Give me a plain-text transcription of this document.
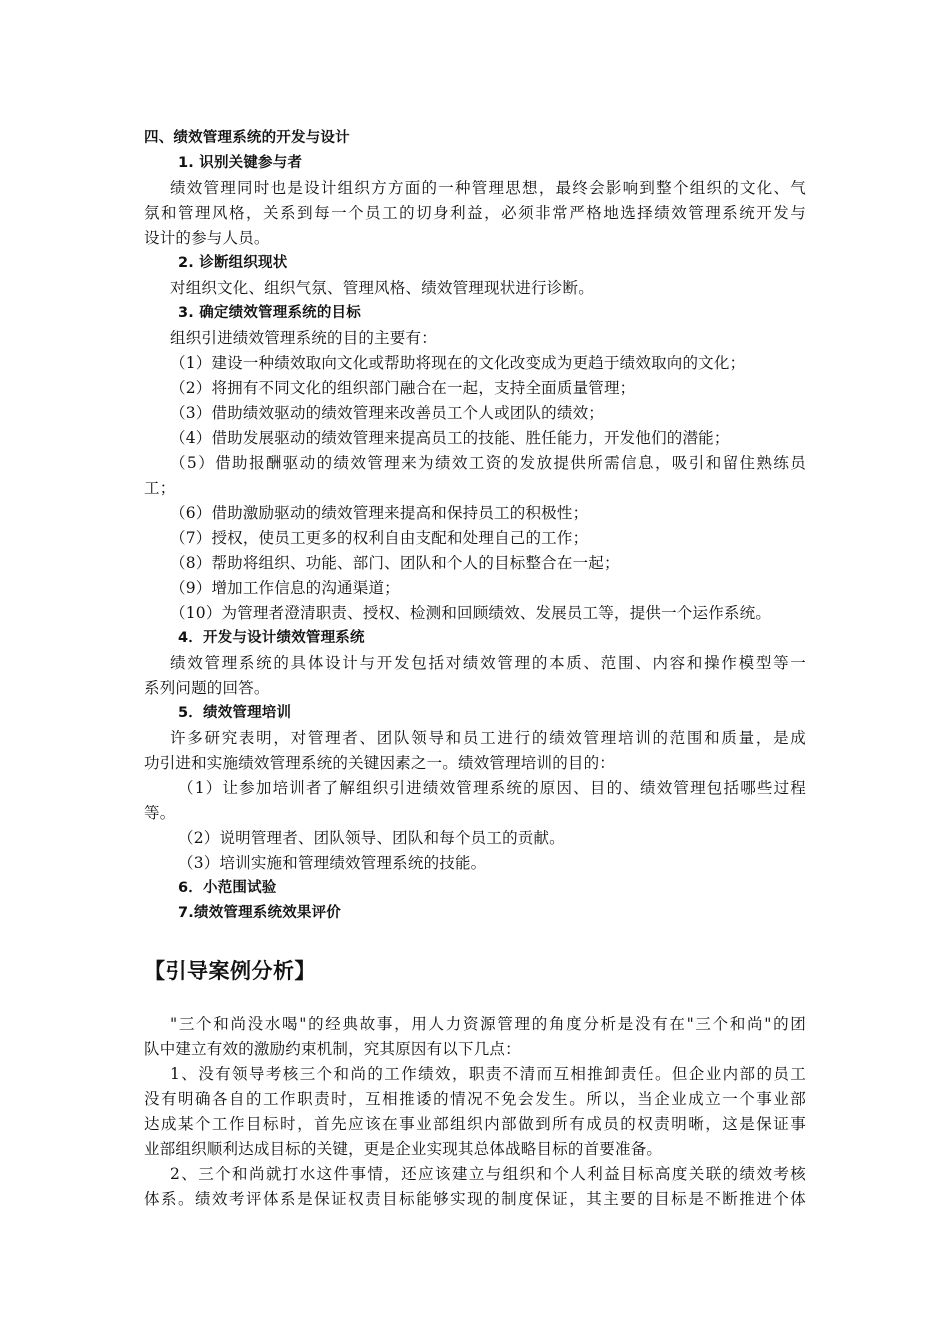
四、绩效管理系统的开发与设计
1. 识别关键参与者
绩效管理同时也是设计组织方方面的一种管理思想，最终会影响到整个组织的文化、气
氛和管理风格，关系到每一个员工的切身利益，必须非常严格地选择绩效管理系统开发与
设计的参与人员。
2. 诊断组织现状
对组织文化、组织气氛、管理风格、绩效管理现状进行诊断。
3. 确定绩效管理系统的目标
组织引进绩效管理系统的目的主要有：
（1）建设一种绩效取向文化或帮助将现在的文化改变成为更趋于绩效取向的文化；
（2）将拥有不同文化的组织部门融合在一起，支持全面质量管理；
（3）借助绩效驱动的绩效管理来改善员工个人或团队的绩效；
（4）借助发展驱动的绩效管理来提高员工的技能、胜任能力，开发他们的潜能；
（5）借助报酬驱动的绩效管理来为绩效工资的发放提供所需信息，吸引和留住熟练员
工；
（6）借助激励驱动的绩效管理来提高和保持员工的积极性；
（7）授权，使员工更多的权利自由支配和处理自己的工作；
（8）帮助将组织、功能、部门、团队和个人的目标整合在一起；
（9）增加工作信息的沟通渠道；
（10）为管理者澄清职责、授权、检测和回顾绩效、发展员工等，提供一个运作系统。
4．开发与设计绩效管理系统
绩效管理系统的具体设计与开发包括对绩效管理的本质、范围、内容和操作模型等一
系列问题的回答。
5．绩效管理培训
许多研究表明，对管理者、团队领导和员工进行的绩效管理培训的范围和质量，是成
功引进和实施绩效管理系统的关键因素之一。绩效管理培训的目的：
（1）让参加培训者了解组织引进绩效管理系统的原因、目的、绩效管理包括哪些过程
等。
（2）说明管理者、团队领导、团队和每个员工的贡献。
（3）培训实施和管理绩效管理系统的技能。
6．小范围试验
7.绩效管理系统效果评价
【引导案例分析】
"三个和尚没水喝"的经典故事，用人力资源管理的角度分析是没有在"三个和尚"的团
队中建立有效的激励约束机制，究其原因有以下几点：
1、没有领导考核三个和尚的工作绩效，职责不清而互相推卸责任。但企业内部的员工
没有明确各自的工作职责时，互相推诿的情况不免会发生。所以，当企业成立一个事业部
达成某个工作目标时，首先应该在事业部组织内部做到所有成员的权责明晰，这是保证事
业部组织顺利达成目标的关键，更是企业实现其总体战略目标的首要准备。
2、三个和尚就打水这件事情，还应该建立与组织和个人利益目标高度关联的绩效考核
体系。绩效考评体系是保证权责目标能够实现的制度保证，其主要的目标是不断推进个体
